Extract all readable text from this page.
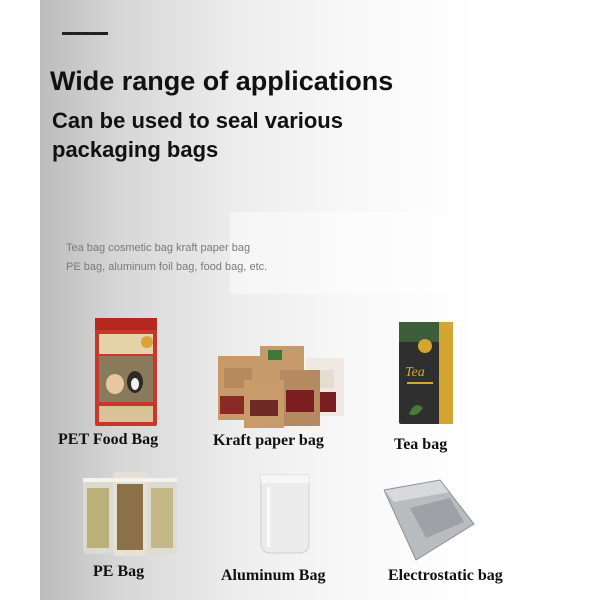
Wide range of applications
Can be used to seal various packaging bags
Tea bag cosmetic bag kraft paper bag
PE bag, aluminum foil bag, food bag, etc.
Tea
PET Food Bag	Kraft paper bag	Tea bag
PE Bag	Aluminum Bag	Electrostatic bag
